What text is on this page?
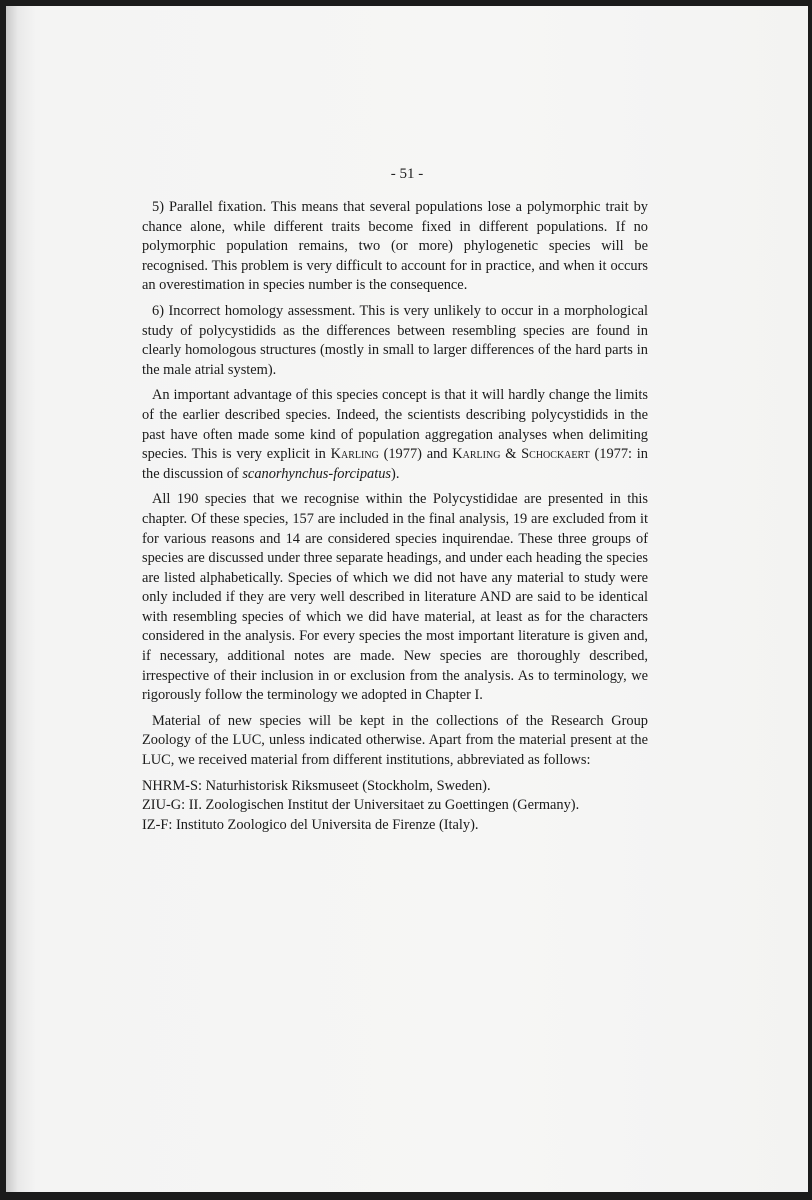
- 51 -

5) Parallel fixation. This means that several populations lose a polymorphic trait by chance alone, while different traits become fixed in different populations. If no polymorphic population remains, two (or more) phylogenetic species will be recognised. This problem is very difficult to account for in practice, and when it occurs an overestimation in species number is the consequence.

6) Incorrect homology assessment. This is very unlikely to occur in a morphological study of polycystidids as the differences between resembling species are found in clearly homologous structures (mostly in small to larger differences of the hard parts in the male atrial system).

An important advantage of this species concept is that it will hardly change the limits of the earlier described species. Indeed, the scientists describing polycystidids in the past have often made some kind of population aggregation analyses when delimiting species. This is very explicit in Karling (1977) and Karling & Schockaert (1977: in the discussion of scanorhynchus-forcipatus).

All 190 species that we recognise within the Polycystididae are presented in this chapter. Of these species, 157 are included in the final analysis, 19 are excluded from it for various reasons and 14 are considered species inquirendae. These three groups of species are discussed under three separate headings, and under each heading the species are listed alphabetically. Species of which we did not have any material to study were only included if they are very well described in literature AND are said to be identical with resembling species of which we did have material, at least as for the characters considered in the analysis. For every species the most important literature is given and, if necessary, additional notes are made. New species are thoroughly described, irrespective of their inclusion in or exclusion from the analysis. As to terminology, we rigorously follow the terminology we adopted in Chapter I.

Material of new species will be kept in the collections of the Research Group Zoology of the LUC, unless indicated otherwise. Apart from the material present at the LUC, we received material from different institutions, abbreviated as follows:

NHRM-S: Naturhistorisk Riksmuseet (Stockholm, Sweden).

ZIU-G: II. Zoologischen Institut der Universitaet zu Goettingen (Germany).

IZ-F: Instituto Zoologico del Universita de Firenze (Italy).
